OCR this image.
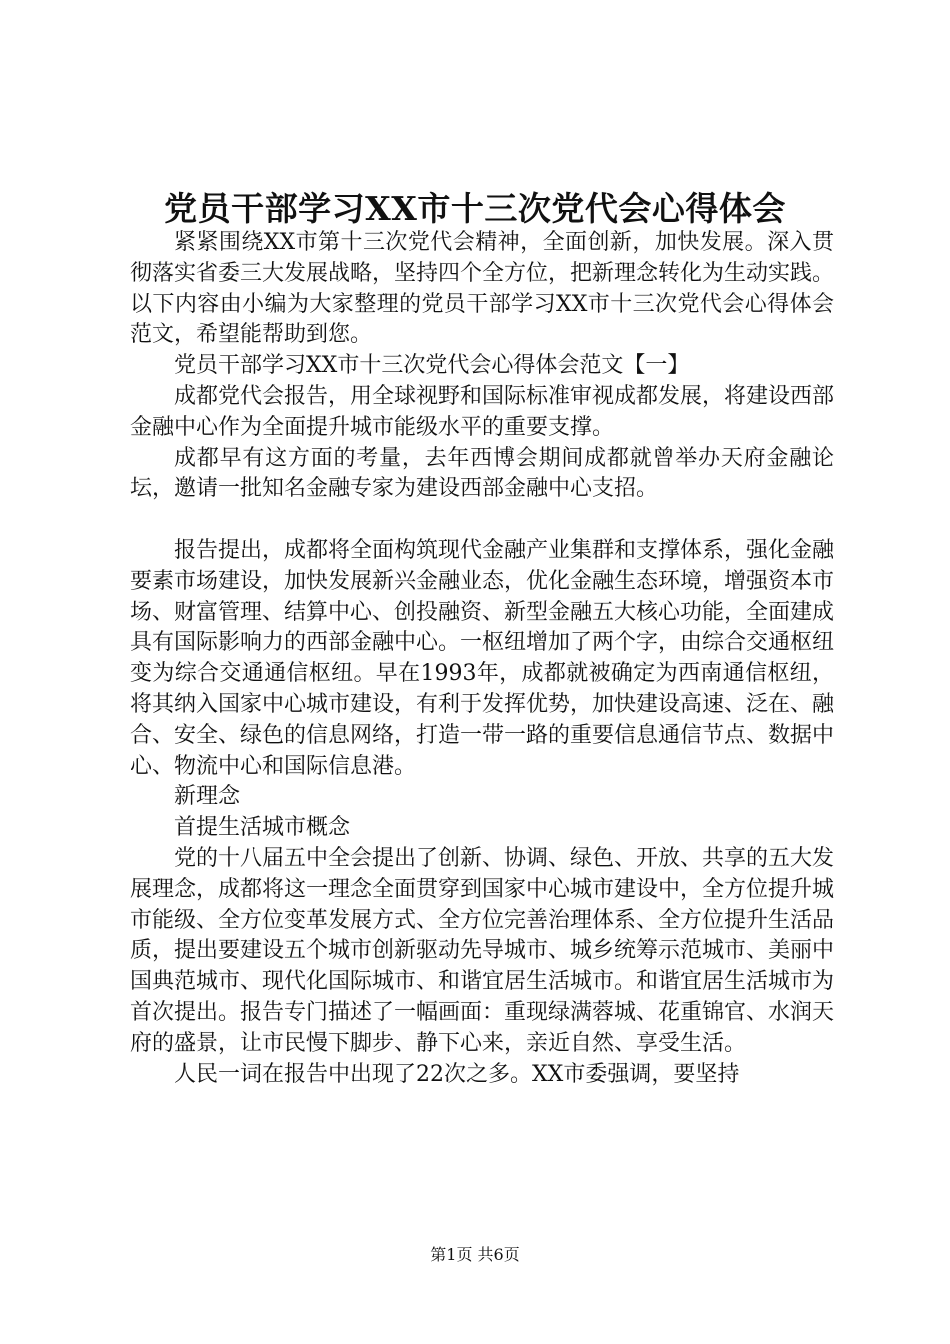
党员干部学习XX市十三次党代会心得体会

紧紧围绕XX市第十三次党代会精神，全面创新，加快发展。深入贯彻落实省委三大发展战略，坚持四个全方位，把新理念转化为生动实践。以下内容由小编为大家整理的党员干部学习XX市十三次党代会心得体会范文，希望能帮助到您。

党员干部学习XX市十三次党代会心得体会范文【一】

成都党代会报告，用全球视野和国际标准审视成都发展，将建设西部金融中心作为全面提升城市能级水平的重要支撑。

成都早有这方面的考量，去年西博会期间成都就曾举办天府金融论坛，邀请一批知名金融专家为建设西部金融中心支招。

报告提出，成都将全面构筑现代金融产业集群和支撑体系，强化金融要素市场建设，加快发展新兴金融业态，优化金融生态环境，增强资本市场、财富管理、结算中心、创投融资、新型金融五大核心功能，全面建成具有国际影响力的西部金融中心。一枢纽增加了两个字，由综合交通枢纽变为综合交通通信枢纽。早在1993年，成都就被确定为西南通信枢纽，将其纳入国家中心城市建设，有利于发挥优势，加快建设高速、泛在、融合、安全、绿色的信息网络，打造一带一路的重要信息通信节点、数据中心、物流中心和国际信息港。

新理念

首提生活城市概念

党的十八届五中全会提出了创新、协调、绿色、开放、共享的五大发展理念，成都将这一理念全面贯穿到国家中心城市建设中，全方位提升城市能级、全方位变革发展方式、全方位完善治理体系、全方位提升生活品质，提出要建设五个城市创新驱动先导城市、城乡统筹示范城市、美丽中国典范城市、现代化国际城市、和谐宜居生活城市。和谐宜居生活城市为首次提出。报告专门描述了一幅画面：重现绿满蓉城、花重锦官、水润天府的盛景，让市民慢下脚步、静下心来，亲近自然、享受生活。

人民一词在报告中出现了22次之多。XX市委强调，要坚持

第1页 共6页
